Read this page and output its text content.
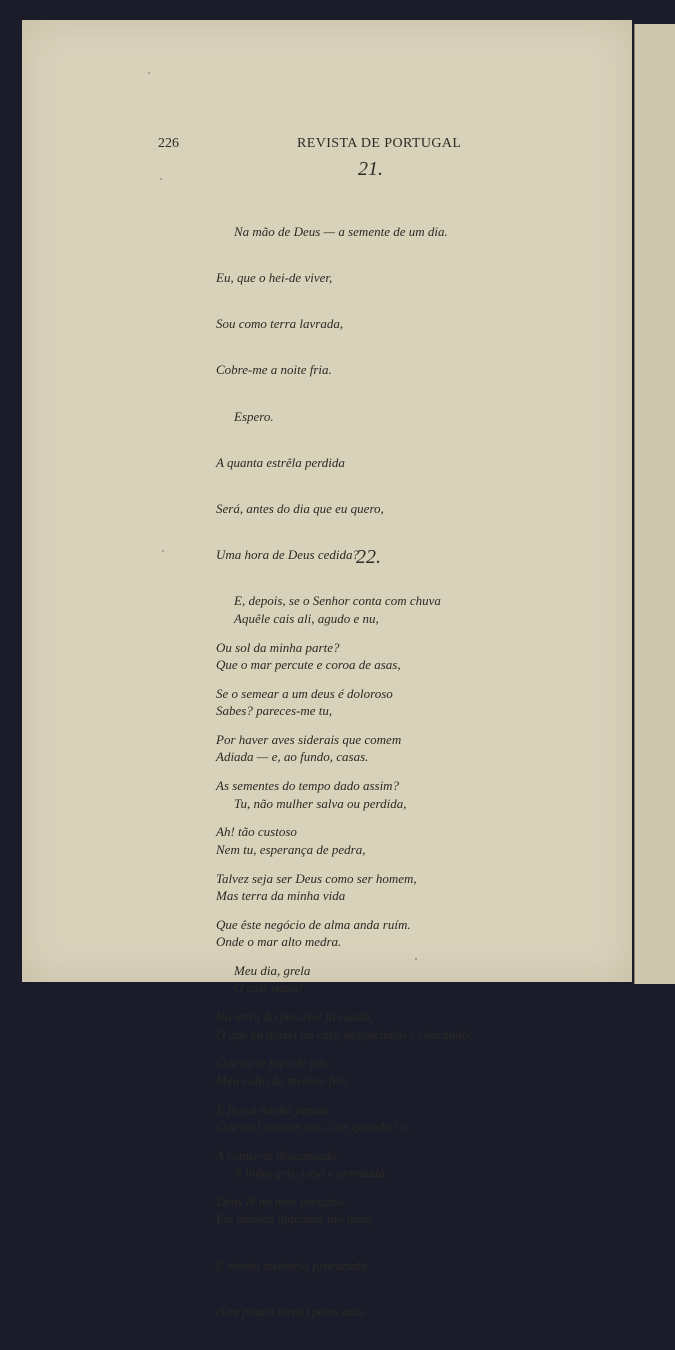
226	REVISTA DE PORTUGAL
21.

Na mão de Deus — a semente de um dia.

Eu, que o hei-de viver,

Sou como terra lavrada,

Cobre-me a noite fria.

Espero.

A quanta estrêla perdida

Será, antes do dia que eu quero,

Uma hora de Deus cedida?

E, depois, se o Senhor conta com chuva

Ou sol da minha parte?

Se o semear a um deus é doloroso

Por haver aves siderais que comem

As sementes do tempo dado assim?

Ah! tão custoso

Talvez seja ser Deus como ser homem,

Que êste negócio de alma anda ruím.

Meu dia, grela

Na terra do possível já suado,

Que eu te faço de pão

E fico à minha janela

A comer-te descansado.

Deus lê no meu coração.

22.

Aquêle cais ali, agudo e nu,

Que o mar percute e coroa de asas,

Sabes? pareces-me tu,

Adiada — e, ao fundo, casas.

Tu, não mulher salva ou perdida,

Nem tu, esperança de pedra,

Mas terra da minha vida

Onde o mar alto medra.

O cais vazio!

O que eu deixei no cais, despachado e chorando!

Meu vulto de menino frio

Que mal aquece um « até quando? ».

A linha gris, rasa e arredada

Em minhas lágrimas tão nuas,

E minha ausência procurada

(Um pouco tarde) pelas tuas.
